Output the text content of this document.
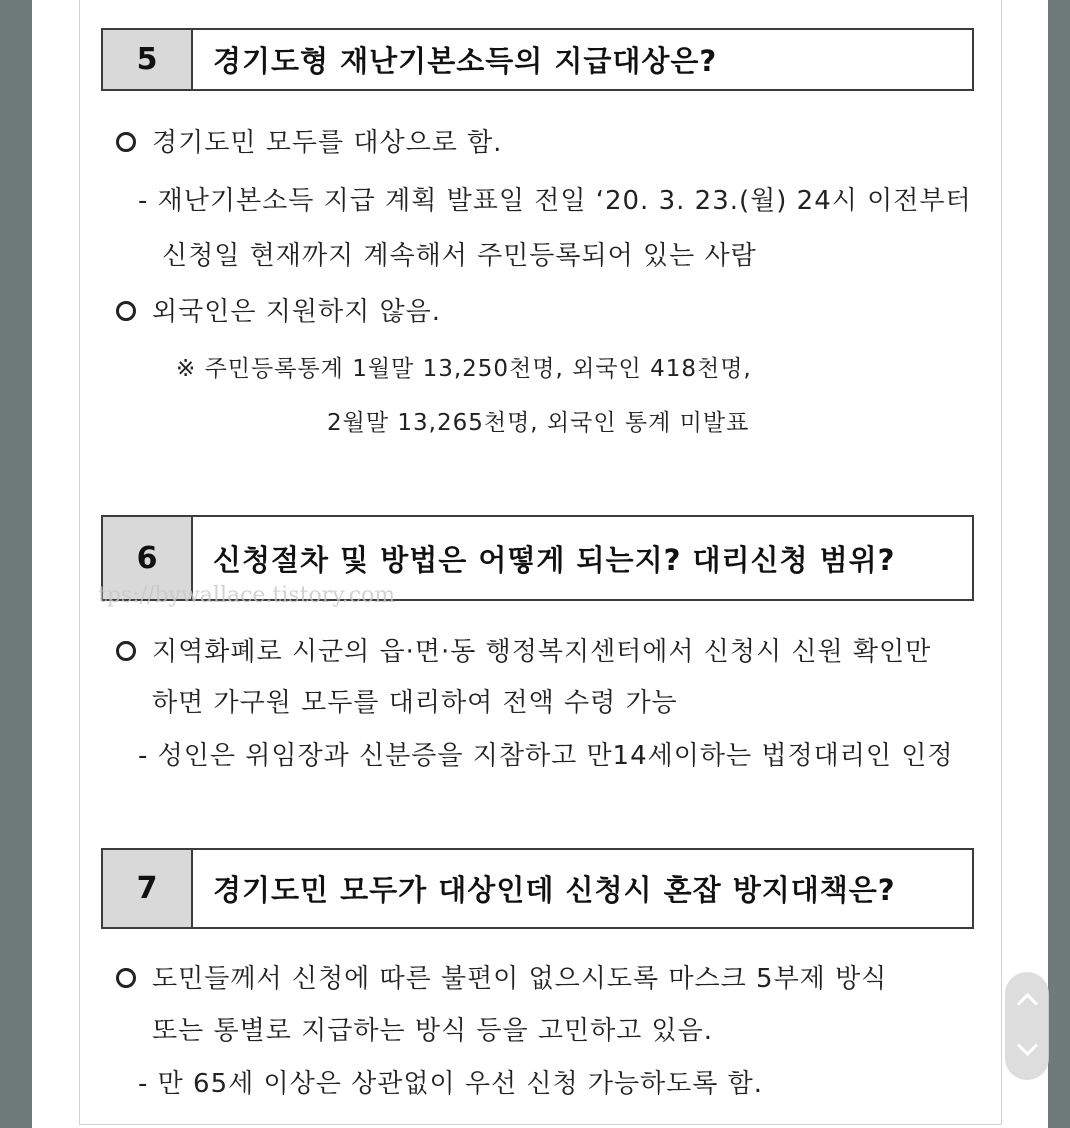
5	경기도형 재난기본소득의 지급대상은?
경기도민 모두를 대상으로 함.
- 재난기본소득 지급 계획 발표일 전일 ‘20. 3. 23.(월) 24시 이전부터
신청일 현재까지 계속해서 주민등록되어 있는 사람
외국인은 지원하지 않음.
※ 주민등록통계 1월말 13,250천명, 외국인 418천명,
2월말 13,265천명, 외국인 통계 미발표
6	신청절차 및 방법은 어떻게 되는지? 대리신청 범위?
tps://bywallace.tistory.com
지역화폐로 시군의 읍·면·동 행정복지센터에서 신청시 신원 확인만
하면 가구원 모두를 대리하여 전액 수령 가능
- 성인은 위임장과 신분증을 지참하고 만14세이하는 법정대리인 인정
7	경기도민 모두가 대상인데 신청시 혼잡 방지대책은?
도민들께서 신청에 따른 불편이 없으시도록 마스크 5부제 방식
또는 통별로 지급하는 방식 등을 고민하고 있음.
- 만 65세 이상은 상관없이 우선 신청 가능하도록 함.
